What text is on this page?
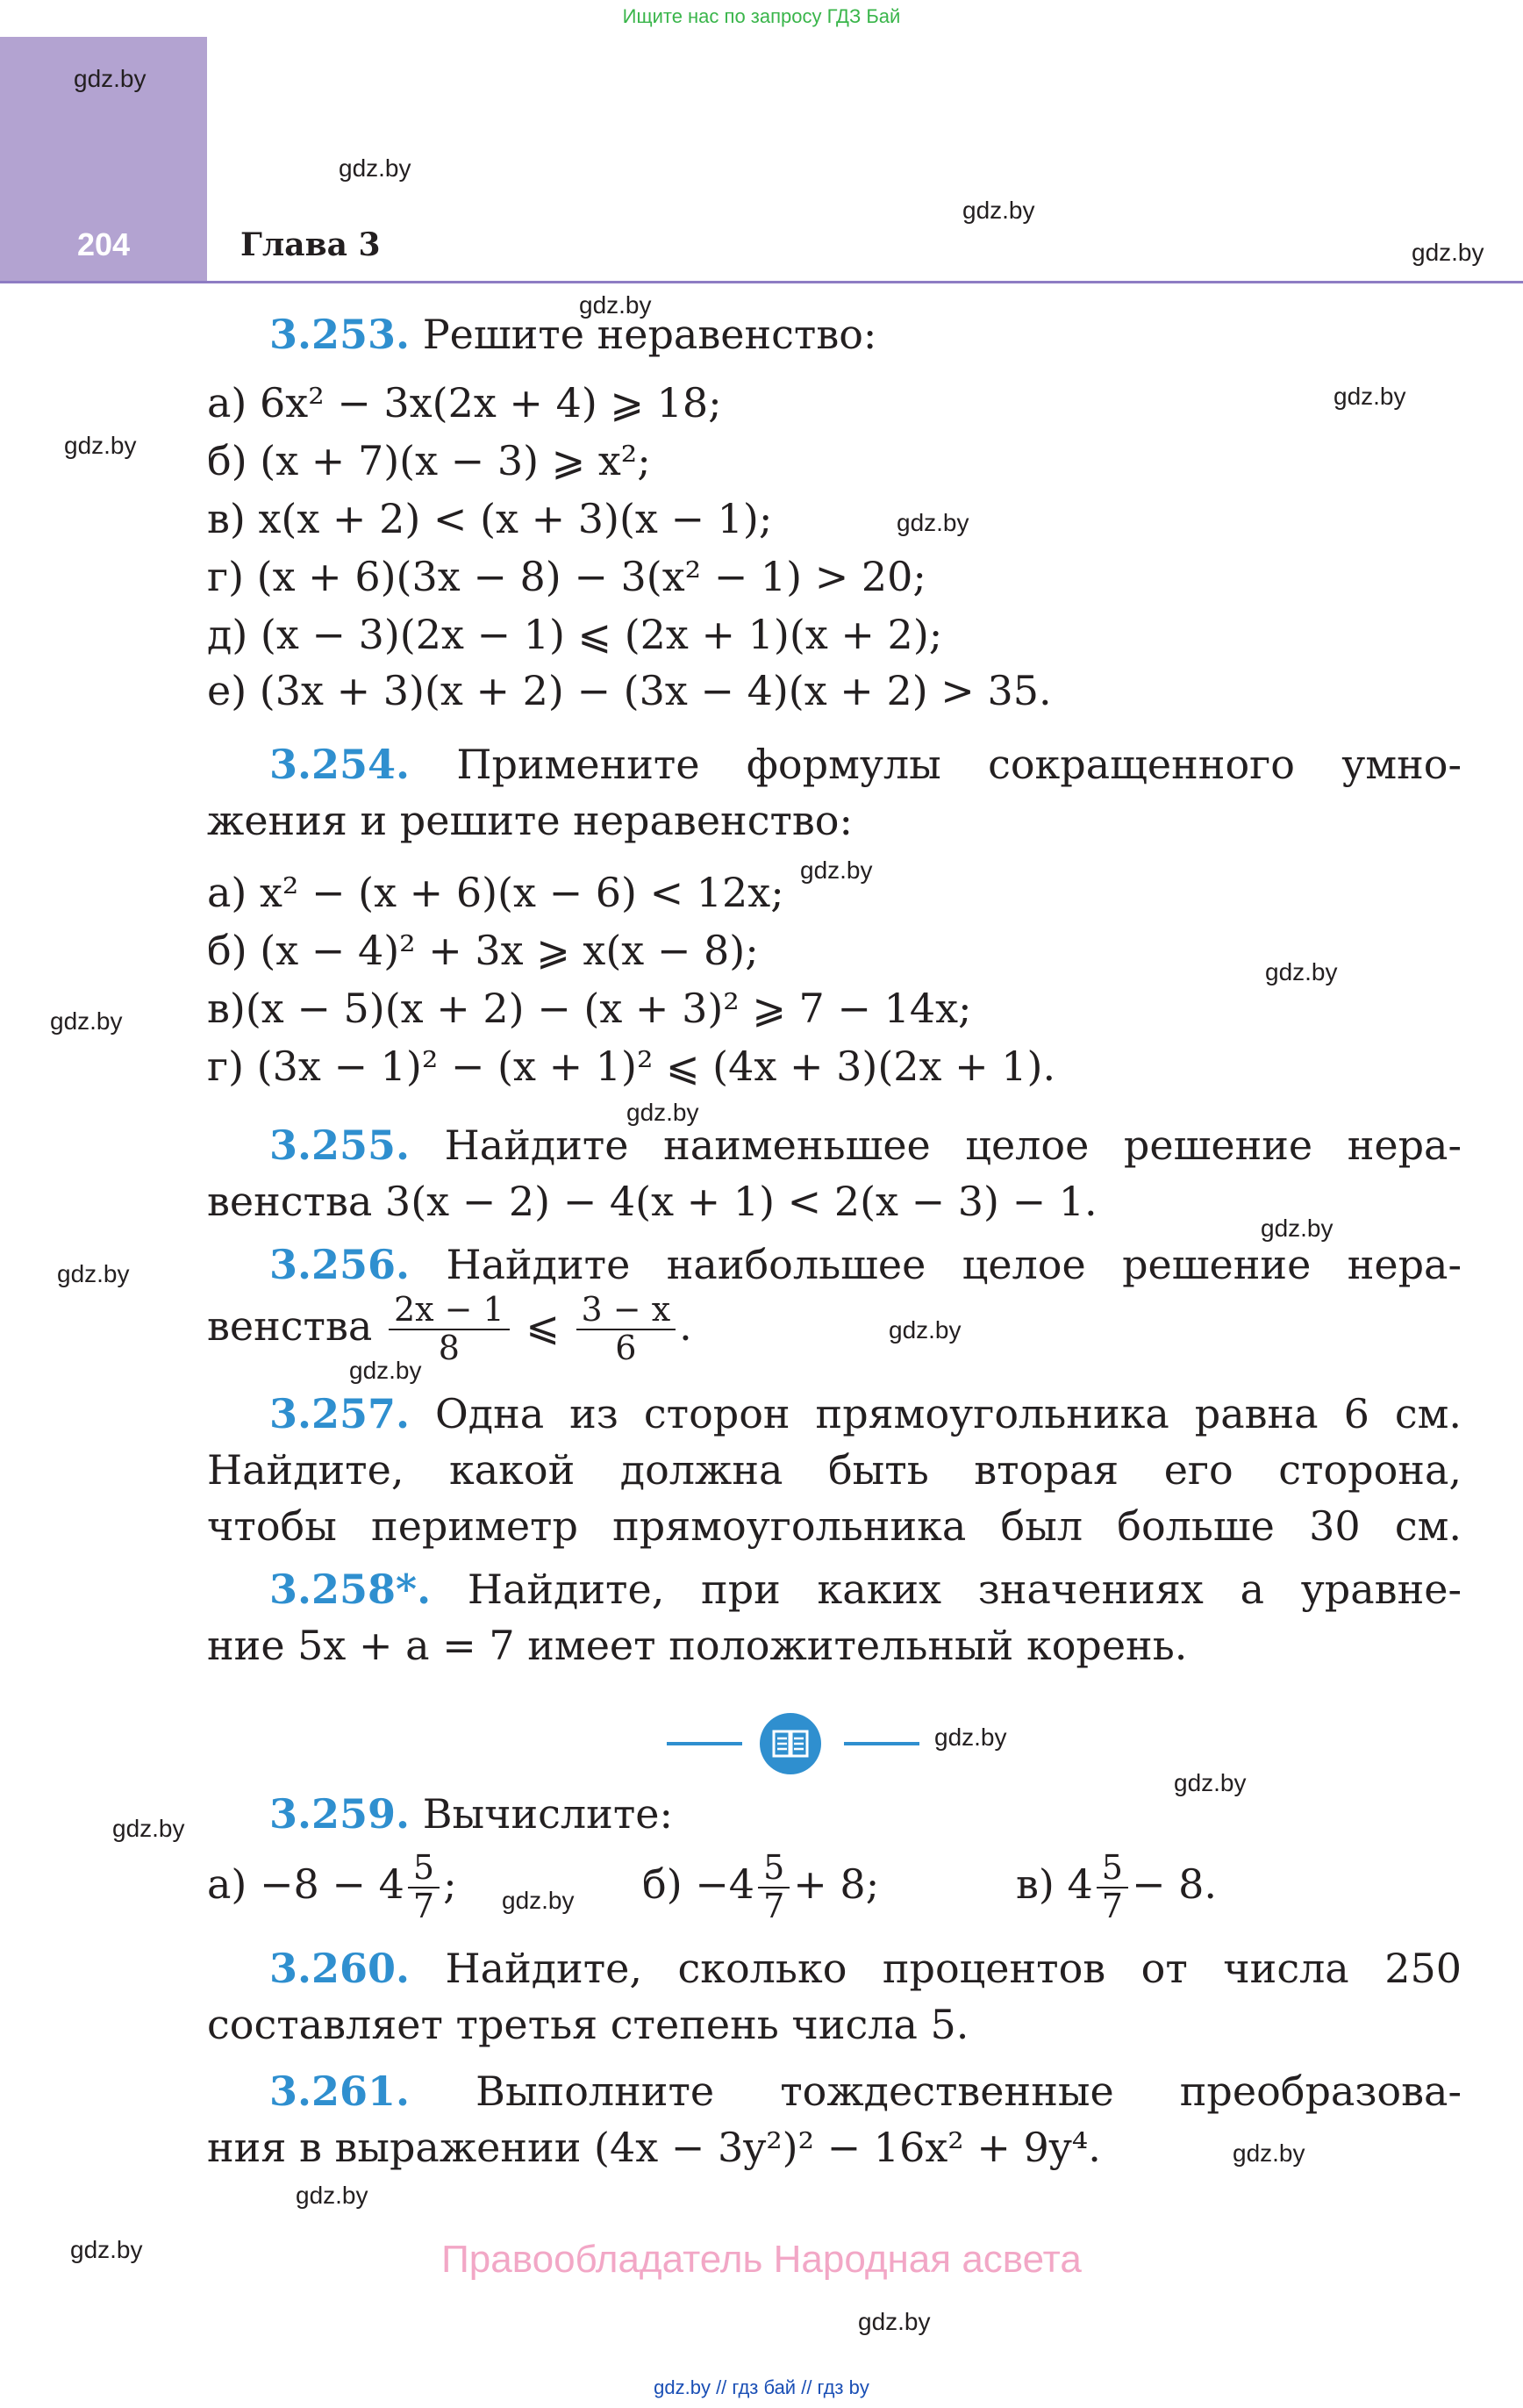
Ищите нас по запросу ГДЗ Бай
204	Глава 3
gdz.by
gdz.by
gdz.by
gdz.by
gdz.by
gdz.by
gdz.by
gdz.by
gdz.by
gdz.by
gdz.by
gdz.by
gdz.by
gdz.by
gdz.by
gdz.by
gdz.by
gdz.by
gdz.by
gdz.by
gdz.by
gdz.by
gdz.by
gdz.by
3.253. Решите неравенство:
а) 6x² − 3x(2x + 4) ⩾ 18;
б) (x + 7)(x − 3) ⩾ x²;
в) x(x + 2) < (x + 3)(x − 1);
г) (x + 6)(3x − 8) − 3(x² − 1) > 20;
д) (x − 3)(2x − 1) ⩽ (2x + 1)(x + 2);
е) (3x + 3)(x + 2) − (3x − 4)(x + 2) > 35.
3.254. Примените формулы сокращенного умно-
жения и решите неравенство:
а) x² − (x + 6)(x − 6) < 12x;
б) (x − 4)² + 3x ⩾ x(x − 8);
в)(x − 5)(x + 2) − (x + 3)² ⩾ 7 − 14x;
г) (3x − 1)² − (x + 1)² ⩽ (4x + 3)(2x + 1).
3.255. Найдите наименьшее целое решение нера-
венства 3(x − 2) − 4(x + 1) < 2(x − 3) − 1.
3.256. Найдите наибольшее целое решение нера-
венства $\frac{2x - 1}{8}$ ⩽ $\frac{3 - x}{6}$ .
3.257. Одна из сторон прямоугольника равна 6 см.
Найдите, какой должна быть вторая его сторона,
чтобы периметр прямоугольника был больше 30 см.
3.258*. Найдите, при каких значениях a уравне-
ние 5x + a = 7 имеет положительный корень.
3.259. Вычислите:
$а) -8 - 4 \frac{5}{7}$ ;	$б) -4 \frac{5}{7} + 8$;	в) $4 \frac{5}{7} - 8$.
3.260. Найдите, сколько процентов от числа 250
составляет третья степень числа 5.
3.261. Выполните тождественные преобразова-
ния в выражении (4x − 3y²)² − 16x² + 9y⁴.
Правообладатель Народная асвета
gdz.by // гдз бай // гдз by
